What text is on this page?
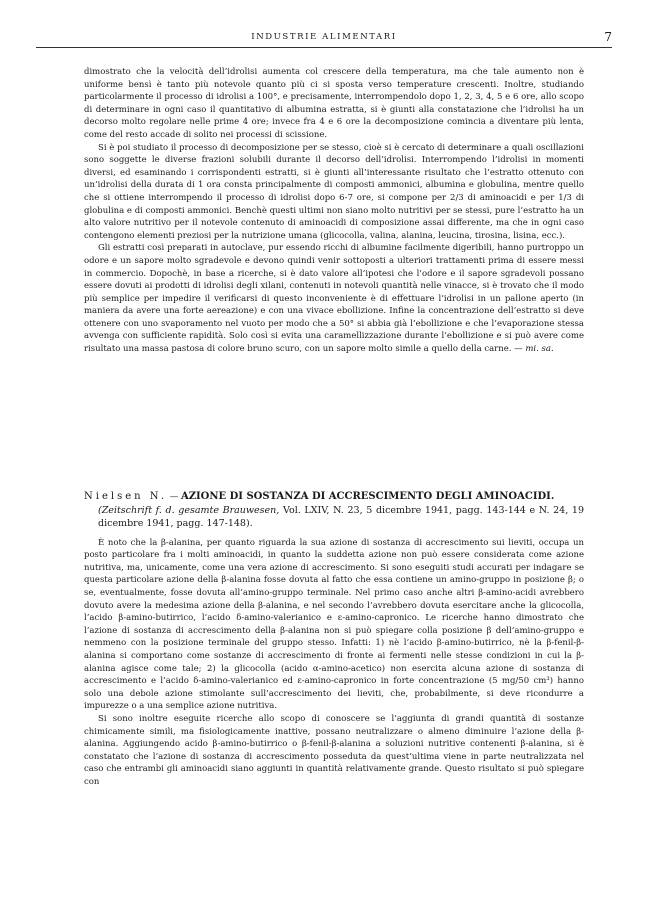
INDUSTRIE ALIMENTARI	7

dimostrato che la velocità dell’idrolisi aumenta col crescere della temperatura, ma che tale aumento non è uniforme bensì è tanto più notevole quanto più ci si sposta verso temperature crescenti. Inoltre, studiando particolarmente il processo di idrolisi a 100°, e precisamente, interrompendolo dopo 1, 2, 3, 4, 5 e 6 ore, allo scopo di determinare in ogni caso il quantitativo di albumina estratta, si è giunti alla constatazione che l’idrolisi ha un decorso molto regolare nelle prime 4 ore; invece fra 4 e 6 ore la decomposizione comincia a diventare più lenta, come del resto accade di solito nei processi di scissione.

Si è poi studiato il processo di decomposizione per se stesso, cioè si è cercato di determinare a quali oscillazioni sono soggette le diverse frazioni solubili durante il decorso dell’idrolisi. Interrompendo l’idrolisi in momenti diversi, ed esaminando i corrispondenti estratti, si è giunti all’interessante risultato che l’estratto ottenuto con un’idrolisi della durata di 1 ora consta principalmente di composti ammonici, albumina e globulina, mentre quello che si ottiene interrompendo il processo di idrolisi dopo 6-7 ore, si compone per 2/3 di aminoacidi e per 1/3 di globulina e di composti ammonici. Benchè questi ultimi non siano molto nutritivi per se stessi, pure l’estratto ha un alto valore nutritivo per il notevole contenuto di aminoacidi di composizione assai differente, ma che in ogni caso contengono elementi preziosi per la nutrizione umana (glicocolla, valina, alanina, leucina, tirosina, lisina, ecc.).

Gli estratti così preparati in autoclave, pur essendo ricchi di albumine facilmente digeribili, hanno purtroppo un odore e un sapore molto sgradevole e devono quindi venir sottoposti a ulteriori trattamenti prima di essere messi in commercio. Dopochè, in base a ricerche, si è dato valore all’ipotesi che l’odore e il sapore sgradevoli possano essere dovuti ai prodotti di idrolisi degli xilani, contenuti in notevoli quantità nelle vinacce, si è trovato che il modo più semplice per impedire il verificarsi di questo inconveniente è di effettuare l’idrolisi in un pallone aperto (in maniera da avere una forte aereazione) e con una vivace ebollizione. Infine la concentrazione dell’estratto si deve ottenere con uno svaporamento nel vuoto per modo che a 50° si abbia già l’ebollizione e che l’evaporazione stessa avvenga con sufficiente rapidità. Solo così si evita una caramellizzazione durante l’ebollizione e si può avere come risultato una massa pastosa di colore bruno scuro, con un sapore molto simile a quello della carne. — mi. sa.

Nielsen N. — AZIONE DI SOSTANZA DI ACCRESCIMENTO DEGLI AMINOACIDI.
(Zeitschrift f. d. gesamte Brauwesen, Vol. LXIV, N. 23, 5 dicembre 1941, pagg. 143-144 e N. 24, 19 dicembre 1941, pagg. 147-148).

È noto che la β-alanina, per quanto riguarda la sua azione di sostanza di accrescimento sui lieviti, occupa un posto particolare fra i molti aminoacidi, in quanto la suddetta azione non può essere considerata come azione nutritiva, ma, unicamente, come una vera azione di accrescimento. Si sono eseguiti studi accurati per indagare se questa particolare azione della β-alanina fosse dovuta al fatto che essa contiene un amino-gruppo in posizione β; o se, eventualmente, fosse dovuta all’amino-gruppo terminale. Nel primo caso anche altri β-amino-acidi avrebbero dovuto avere la medesima azione della β-alanina, e nel secondo l’avrebbero dovuta esercitare anche la glicocolla, l’acido β-amino-butirrico, l’acido δ-amino-valerianico e ε-amino-capronico. Le ricerche hanno dimostrato che l’azione di sostanza di accrescimento della β-alanina non si può spiegare colla posizione β dell’amino-gruppo e nemmeno con la posizione terminale del gruppo stesso. Infatti: 1) nè l’acido β-amino-butirrico, nè la β-fenil-β-alanina si comportano come sostanze di accrescimento di fronte ai fermenti nelle stesse condizioni in cui la β-alanina agisce come tale; 2) la glicocolla (acido α-amino-acetico) non esercita alcuna azione di sostanza di accrescimento e l’acido δ-amino-valerianico ed ε-amino-capronico in forte concentrazione (5 mg/50 cm³) hanno solo una debole azione stimolante sull’accrescimento dei lieviti, che, probabilmente, si deve ricondurre a impurezze o a una semplice azione nutritiva.

Si sono inoltre eseguite ricerche allo scopo di conoscere se l’aggiunta di grandi quantità di sostanze chimicamente simili, ma fisiologicamente inattive, possano neutralizzare o almeno diminuire l’azione della β-alanina. Aggiungendo acido β-amino-butirrico o β-fenil-β-alanina a soluzioni nutritive contenenti β-alanina, si è constatato che l’azione di sostanza di accrescimento posseduta da quest’ultima viene in parte neutralizzata nel caso che entrambi gli aminoacidi siano aggiunti in quantità relativamente grande. Questo risultato si può spiegare con
